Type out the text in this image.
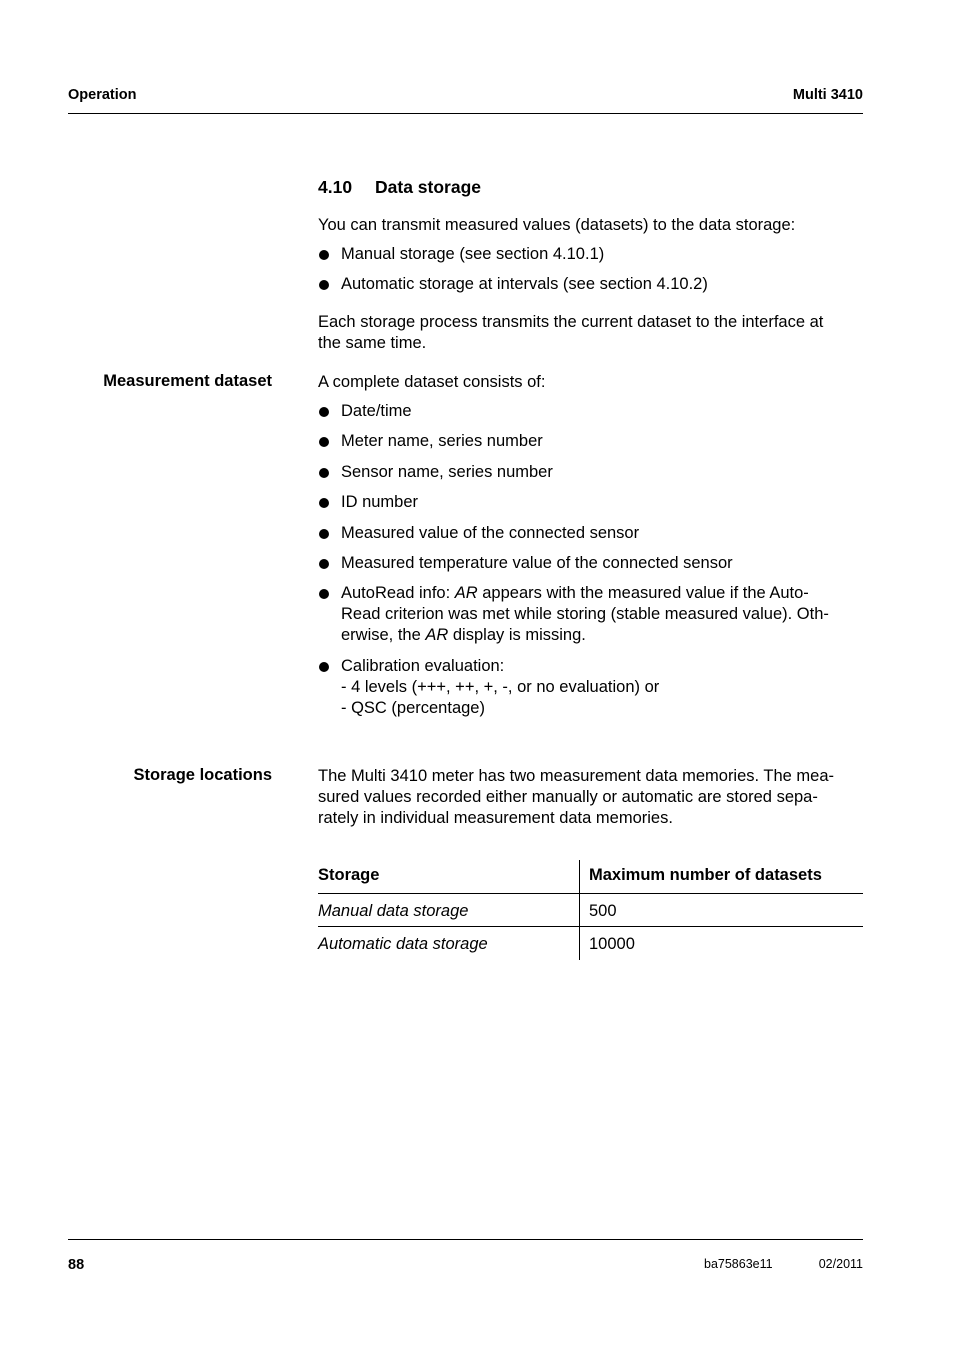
Operation	Multi 3410
4.10 Data storage
You can transmit measured values (datasets) to the data storage:
Manual storage (see section 4.10.1)
Automatic storage at intervals (see section 4.10.2)
Each storage process transmits the current dataset to the interface at
the same time.
Measurement dataset	A complete dataset consists of:
Date/time
Meter name, series number
Sensor name, series number
ID number
Measured value of the connected sensor
Measured temperature value of the connected sensor
AutoRead info: AR appears with the measured value if the Auto-
Read criterion was met while storing (stable measured value). Oth-
erwise, the AR display is missing.
Calibration evaluation:
- 4 levels (+++, ++, +, -, or no evaluation) or
- QSC (percentage)
Storage locations	The Multi 3410 meter has two measurement data memories. The mea-
sured values recorded either manually or automatic are stored sepa-
rately in individual measurement data memories.
Storage	Maximum number of datasets
Manual data storage	500
Automatic data storage	10000
88	ba75863e11	02/2011
